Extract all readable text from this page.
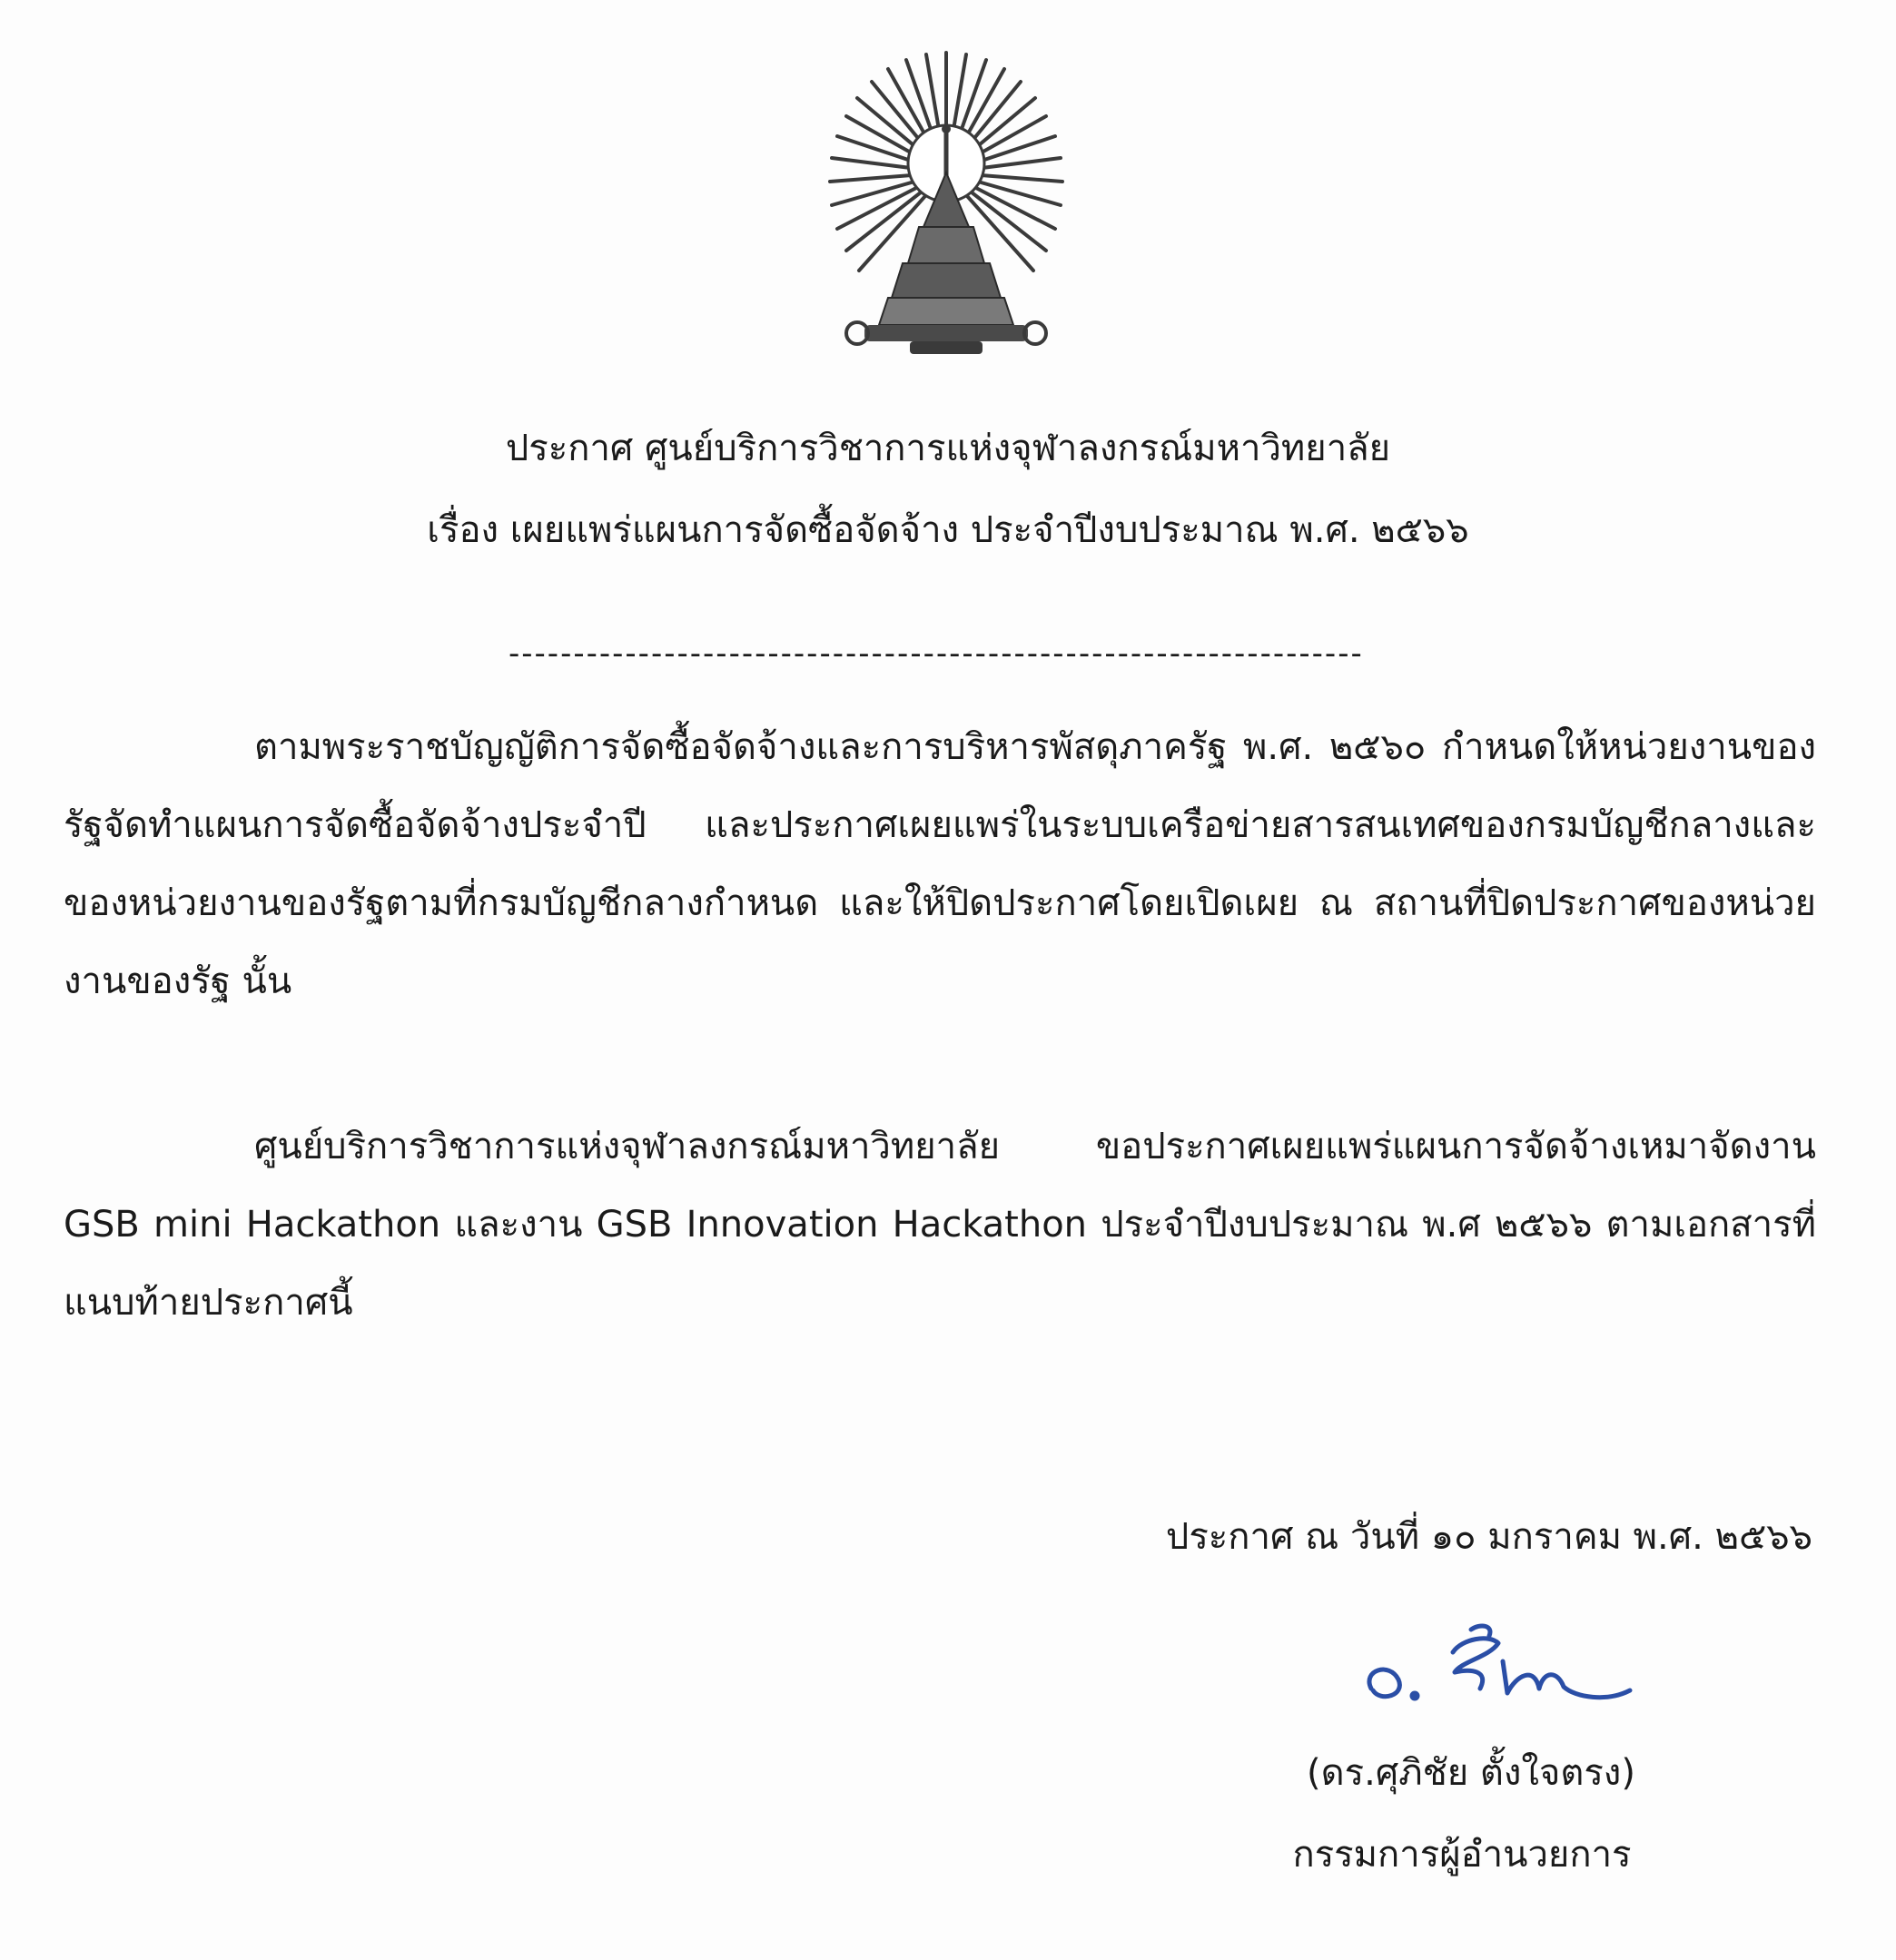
ประกาศ ศูนย์บริการวิชาการแห่งจุฬาลงกรณ์มหาวิทยาลัย
เรื่อง เผยแพร่แผนการจัดซื้อจัดจ้าง ประจำปีงบประมาณ พ.ศ. ๒๕๖๖
------------------------------------------------------------------
ตามพระราชบัญญัติการจัดซื้อจัดจ้างและการบริหารพัสดุภาครัฐ พ.ศ. ๒๕๖๐ กำหนดให้หน่วยงานของรัฐจัดทำแผนการจัดซื้อจัดจ้างประจำปี และประกาศเผยแพร่ในระบบเครือข่ายสารสนเทศของกรมบัญชีกลางและของหน่วยงานของรัฐตามที่กรมบัญชีกลางกำหนด และให้ปิดประกาศโดยเปิดเผย ณ สถานที่ปิดประกาศของหน่วยงานของรัฐ นั้น
ศูนย์บริการวิชาการแห่งจุฬาลงกรณ์มหาวิทยาลัย ขอประกาศเผยแพร่แผนการจัดจ้างเหมาจัดงาน GSB mini Hackathon และงาน GSB Innovation Hackathon ประจำปีงบประมาณ พ.ศ ๒๕๖๖ ตามเอกสารที่แนบท้ายประกาศนี้
ประกาศ ณ วันที่ ๑๐ มกราคม พ.ศ. ๒๕๖๖
(ดร.ศุภิชัย ตั้งใจตรง)
กรรมการผู้อำนวยการ
